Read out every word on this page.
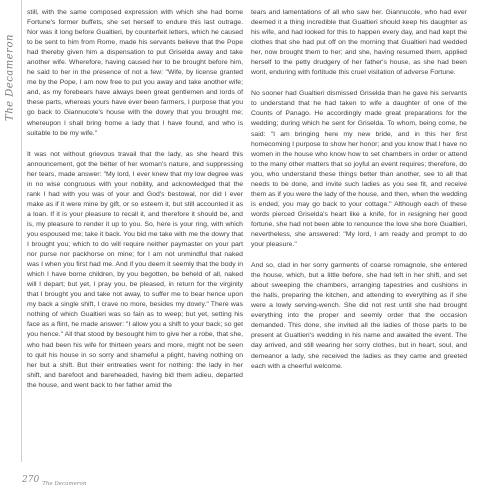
The Decameron

still, with the same composed expression with which she had borne Fortune's former buffets, she set herself to endure this last outrage. Nor was it long before Gualtieri, by counterfeit letters, which he caused to be sent to him from Rome, made his servants believe that the Pope had thereby given him a dispensation to put Griselda away and take another wife. Wherefore, having caused her to be brought before him, he said to her in the presence of not a few: "Wife, by license granted me by the Pope, I am now free to put you away and take another wife; and, as my forebears have always been great gentlemen and lords of these parts, whereas yours have ever been farmers, I purpose that you go back to Giannucole's house with the dowry that you brought me; whereupon I shall bring home a lady that I have found, and who is suitable to be my wife."

It was not without grievous travail that the lady, as she heard this announcement, got the better of her woman's nature, and suppressing her tears, made answer: "My lord, I ever knew that my low degree was in no wise congruous with your nobility, and acknowledged that the rank I had with you was of your and God's bestowal, nor did I ever make as if it were mine by gift, or so esteem it, but still accounted it as a loan. If it is your pleasure to recall it, and therefore it should be, and is, my pleasure to render it up to you. So, here is your ring, with which you espoused me; take it back. You bid me take with me the dowry that I brought you; which to do will require neither paymaster on your part nor purse nor packhorse on mine; for I am not unmindful that naked was I when you first had me. And if you deem it seemly that the body in which I have borne children, by you begotten, be beheld of all, naked will I depart; but yet, I pray you, be pleased, in return for the virginity that I brought you and take not away, to suffer me to bear hence upon my back a single shift, I crave no more, besides my dowry." There was nothing of which Gualtieri was so fain as to weep; but yet, setting his face as a flint, he made answer: "I allow you a shift to your back; so get you hence." All that stood by besought him to give her a robe, that she, who had been his wife for thirteen years and more, might not be seen to quit his house in so sorry and shameful a plight, having nothing on her but a shift. But their entreaties went for nothing: the lady in her shift, and barefoot and bareheaded, having bid them adieu, departed the house, and went back to her father amid the

tears and lamentations of all who saw her. Giannucole, who had ever deemed it a thing incredible that Gualtieri should keep his daughter as his wife, and had looked for this to happen every day, and had kept the clothes that she had put off on the morning that Gualtieri had wedded her, now brought them to her; and she, having resumed them, applied herself to the petty drudgery of her father's house, as she had been wont, enduring with fortitude this cruel visitation of adverse Fortune.

No sooner had Gualtieri dismissed Griselda than he gave his servants to understand that he had taken to wife a daughter of one of the Counts of Panago. He accordingly made great preparations for the wedding; during which he sent for Griselda. To whom, being come, he said: "I am bringing here my new bride, and in this her first homecoming I purpose to show her honor; and you know that I have no women in the house who know how to set chambers in order or attend to the many other matters that so joyful an event requires; therefore, do you, who understand these things better than another, see to all that needs to be done, and invite such ladies as you see fit, and receive them as if you were the lady of the house, and then, when the wedding is ended, you may go back to your cottage." Although each of these words pierced Griselda's heart like a knife, for in resigning her good fortune, she had not been able to renounce the love she bore Gualtieri, nevertheless, she answered: "My lord, I am ready and prompt to do your pleasure."

And so, clad in her sorry garments of coarse romagnole, she entered the house, which, but a little before, she had left in her shift, and set about sweeping the chambers, arranging tapestries and cushions in the halls, preparing the kitchen, and attending to everything as if she were a lowly serving-wench. She did not rest until she had brought everything into the proper and seemly order that the occasion demanded. This done, she invited all the ladies of those parts to be present at Gualtieri's wedding in his name and awaited the event. The day arrived, and still wearing her sorry clothes, but in heart, soul, and demeanor a lady, she received the ladies as they came and greeted each with a cheerful welcome.

270 The Decameron
